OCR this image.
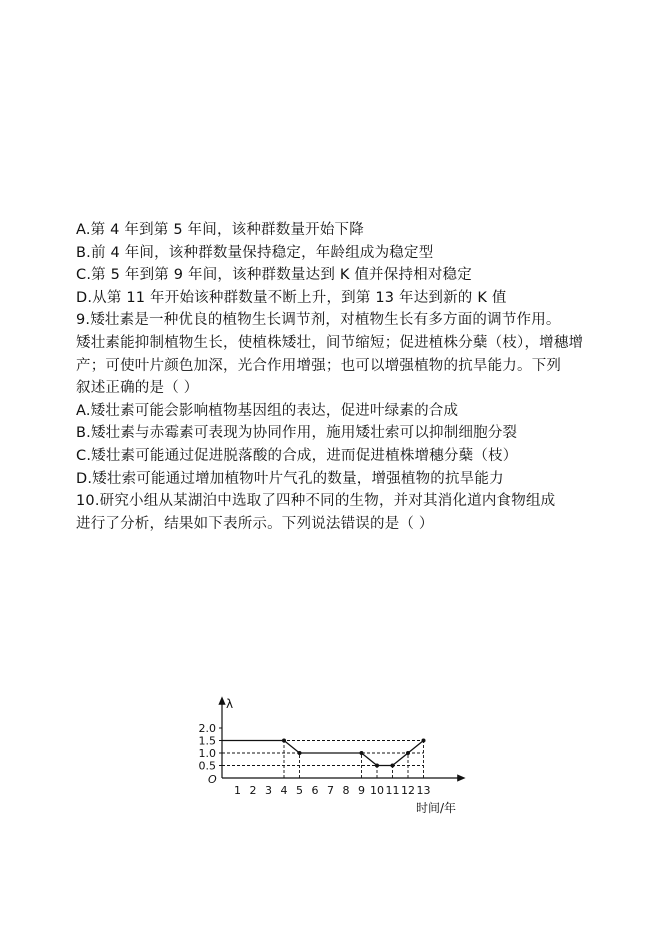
A.第 4 年到第 5 年间，该种群数量开始下降
B.前 4 年间，该种群数量保持稳定，年龄组成为稳定型
C.第 5 年到第 9 年间，该种群数量达到 K 值并保持相对稳定
D.从第 11 年开始该种群数量不断上升，到第 13 年达到新的 K 值
9.矮壮素是一种优良的植物生长调节剂，对植物生长有多方面的调节作用。
矮壮素能抑制植物生长，使植株矮壮，间节缩短；促进植株分蘖（枝），增穗增
产；可使叶片颜色加深，光合作用增强；也可以增强植物的抗旱能力。下列
叙述正确的是（ ）
A.矮壮素可能会影响植物基因组的表达，促进叶绿素的合成
B.矮壮素与赤霉素可表现为协同作用，施用矮壮索可以抑制细胞分裂
C.矮壮素可能通过促进脱落酸的合成，进而促进植株增穗分蘖（枝）
D.矮壮索可能通过增加植物叶片气孔的数量，增强植物的抗旱能力
10.研究小组从某湖泊中选取了四种不同的生物，并对其消化道内食物组成
进行了分析，结果如下表所示。下列说法错误的是（ ）
λ
O
时间/年
1 2 3 4 5 6 7 8 9 10 11 12 13
0.5
1.0
1.5
2.0
